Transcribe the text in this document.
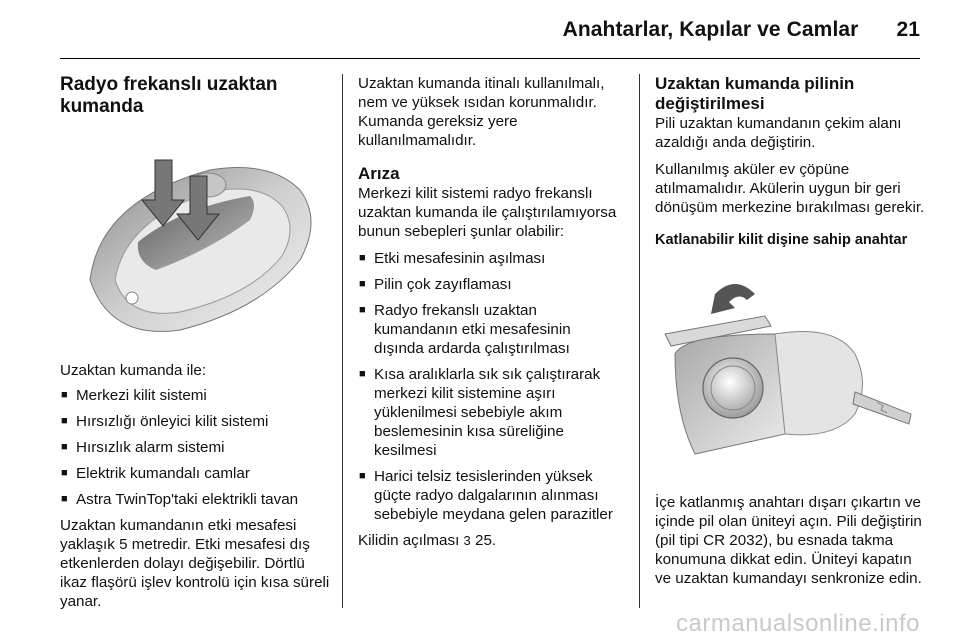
Anahtarlar, Kapılar ve Camlar 21
Radyo frekanslı uzaktan kumanda

Uzaktan kumanda ile:

■ Merkezi kilit sistemi
■ Hırsızlığı önleyici kilit sistemi
■ Hırsızlık alarm sistemi
■ Elektrik kumandalı camlar
■ Astra TwinTop'taki elektrikli tavan

Uzaktan kumandanın etki mesafesi yaklaşık 5 metredir. Etki mesafesi dış etkenlerden dolayı değişebilir. Dörtlü ikaz flaşörü işlev kontrolü için kısa süreli yanar.

Uzaktan kumanda itinalı kullanılmalı, nem ve yüksek ısıdan korunmalıdır. Kumanda gereksiz yere kullanılmamalıdır.

Arıza

Merkezi kilit sistemi radyo frekanslı uzaktan kumanda ile çalıştırılamıyorsa bunun sebepleri şunlar olabilir:

■ Etki mesafesinin aşılması
■ Pilin çok zayıflaması
■ Radyo frekanslı uzaktan kumandanın etki mesafesinin dışında ardarda çalıştırılması
■ Kısa aralıklarla sık sık çalıştırarak merkezi kilit sistemine aşırı yüklenilmesi sebebiyle akım beslemesinin kısa süreliğine kesilmesi
■ Harici telsiz tesislerinden yüksek güçte radyo dalgalarının alınması sebebiyle meydana gelen parazitler

Kilidin açılması 3 25.

Uzaktan kumanda pilinin değiştirilmesi

Pili uzaktan kumandanın çekim alanı azaldığı anda değiştirin.

Kullanılmış aküler ev çöpüne atılmamalıdır. Akülerin uygun bir geri dönüşüm merkezine bırakılması gerekir.

Katlanabilir kilit dişine sahip anahtar

İçe katlanmış anahtarı dışarı çıkartın ve içinde pil olan üniteyi açın. Pili değiştirin (pil tipi CR 2032), bu esnada takma konumuna dikkat edin. Üniteyi kapatın ve uzaktan kumandayı senkronize edin.

carmanualsonline.info
